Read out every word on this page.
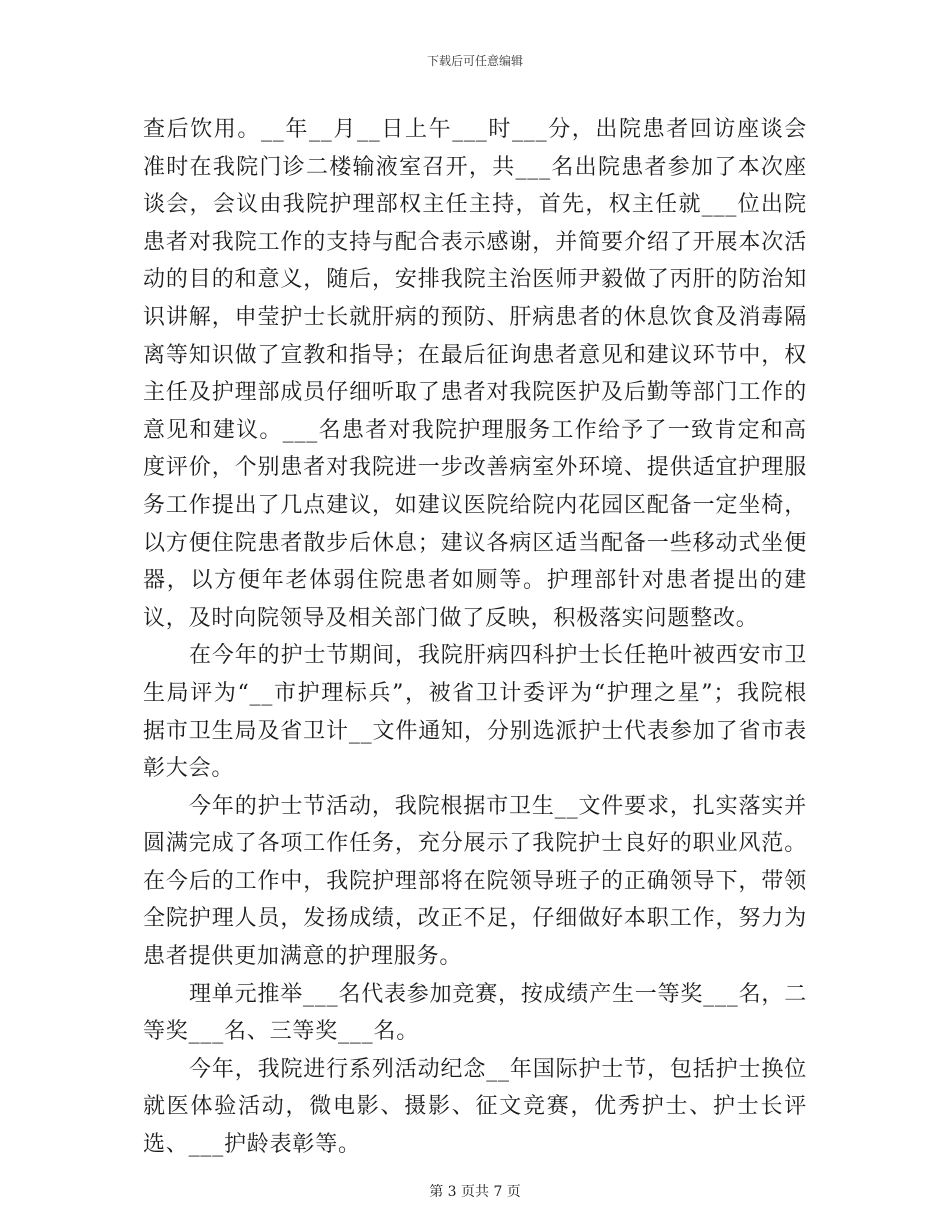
下载后可任意编辑

查后饮用。__年__月__日上午___时___分，出院患者回访座谈会准时在我院门诊二楼输液室召开，共___名出院患者参加了本次座谈会，会议由我院护理部权主任主持，首先，权主任就___位出院患者对我院工作的支持与配合表示感谢，并简要介绍了开展本次活动的目的和意义，随后，安排我院主治医师尹毅做了丙肝的防治知识讲解，申莹护士长就肝病的预防、肝病患者的休息饮食及消毒隔离等知识做了宣教和指导；在最后征询患者意见和建议环节中，权主任及护理部成员仔细听取了患者对我院医护及后勤等部门工作的意见和建议。___名患者对我院护理服务工作给予了一致肯定和高度评价，个别患者对我院进一步改善病室外环境、提供适宜护理服务工作提出了几点建议，如建议医院给院内花园区配备一定坐椅，以方便住院患者散步后休息；建议各病区适当配备一些移动式坐便器，以方便年老体弱住院患者如厕等。护理部针对患者提出的建议，及时向院领导及相关部门做了反映，积极落实问题整改。

在今年的护士节期间，我院肝病四科护士长任艳叶被西安市卫生局评为“__市护理标兵”，被省卫计委评为“护理之星”；我院根据市卫生局及省卫计__文件通知，分别选派护士代表参加了省市表彰大会。

今年的护士节活动，我院根据市卫生__文件要求，扎实落实并圆满完成了各项工作任务，充分展示了我院护士良好的职业风范。在今后的工作中，我院护理部将在院领导班子的正确领导下，带领全院护理人员，发扬成绩，改正不足，仔细做好本职工作，努力为患者提供更加满意的护理服务。

理单元推举___名代表参加竞赛，按成绩产生一等奖___名，二等奖___名、三等奖___名。

今年，我院进行系列活动纪念__年国际护士节，包括护士换位就医体验活动，微电影、摄影、征文竞赛，优秀护士、护士长评选、___护龄表彰等。

第 3 页共 7 页
